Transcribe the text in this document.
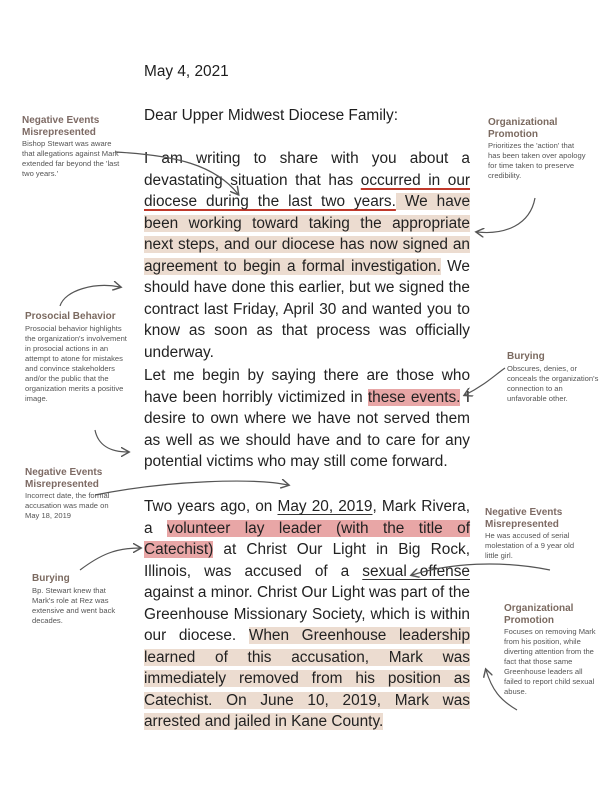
May 4, 2021
Dear Upper Midwest Diocese Family:

I am writing to share with you about a devastating situation that has occurred in our diocese during the last two years. We have been working toward taking the appropriate next steps, and our diocese has now signed an agreement to begin a formal investigation. We should have done this earlier, but we signed the contract last Friday, April 30 and wanted you to know as soon as that process was officially underway.

Let me begin by saying there are those who have been horribly victimized in these events. I desire to own where we have not served them as well as we should have and to care for any potential victims who may still come forward.

Two years ago, on May 20, 2019, Mark Rivera, a volunteer lay leader (with the title of Catechist) at Christ Our Light in Big Rock, Illinois, was accused of a sexual offense against a minor. Christ Our Light was part of the Greenhouse Missionary Society, which is within our diocese. When Greenhouse leadership learned of this accusation, Mark was immediately removed from his position as Catechist. On June 10, 2019, Mark was arrested and jailed in Kane County.

Negative Events Misrepresented
Bishop Stewart was aware that allegations against Mark extended far beyond the 'last two years.'
Organizational Promotion
Prioritizes the 'action' that has been taken over apology for time taken to preserve credibility.
Prosocial Behavior
Prosocial behavior highlights the organization's involvement in prosocial actions in an attempt to atone for mistakes and convince stakeholders and/or the public that the organization merits a positive image.
Burying
Obscures, denies, or conceals the organization's connection to an unfavorable other.
Negative Events Misrepresented
Incorrect date, the formal accusation was made on May 18, 2019	Negative Events Misrepresented
He was accused of serial molestation of a 9 year old little girl.
Burying
Bp. Stewart knew that Mark's role at Rez was extensive and went back decades.
Organizational Promotion
Focuses on removing Mark from his position, while diverting attention from the fact that those same Greenhouse leaders all failed to report child sexual abuse.
